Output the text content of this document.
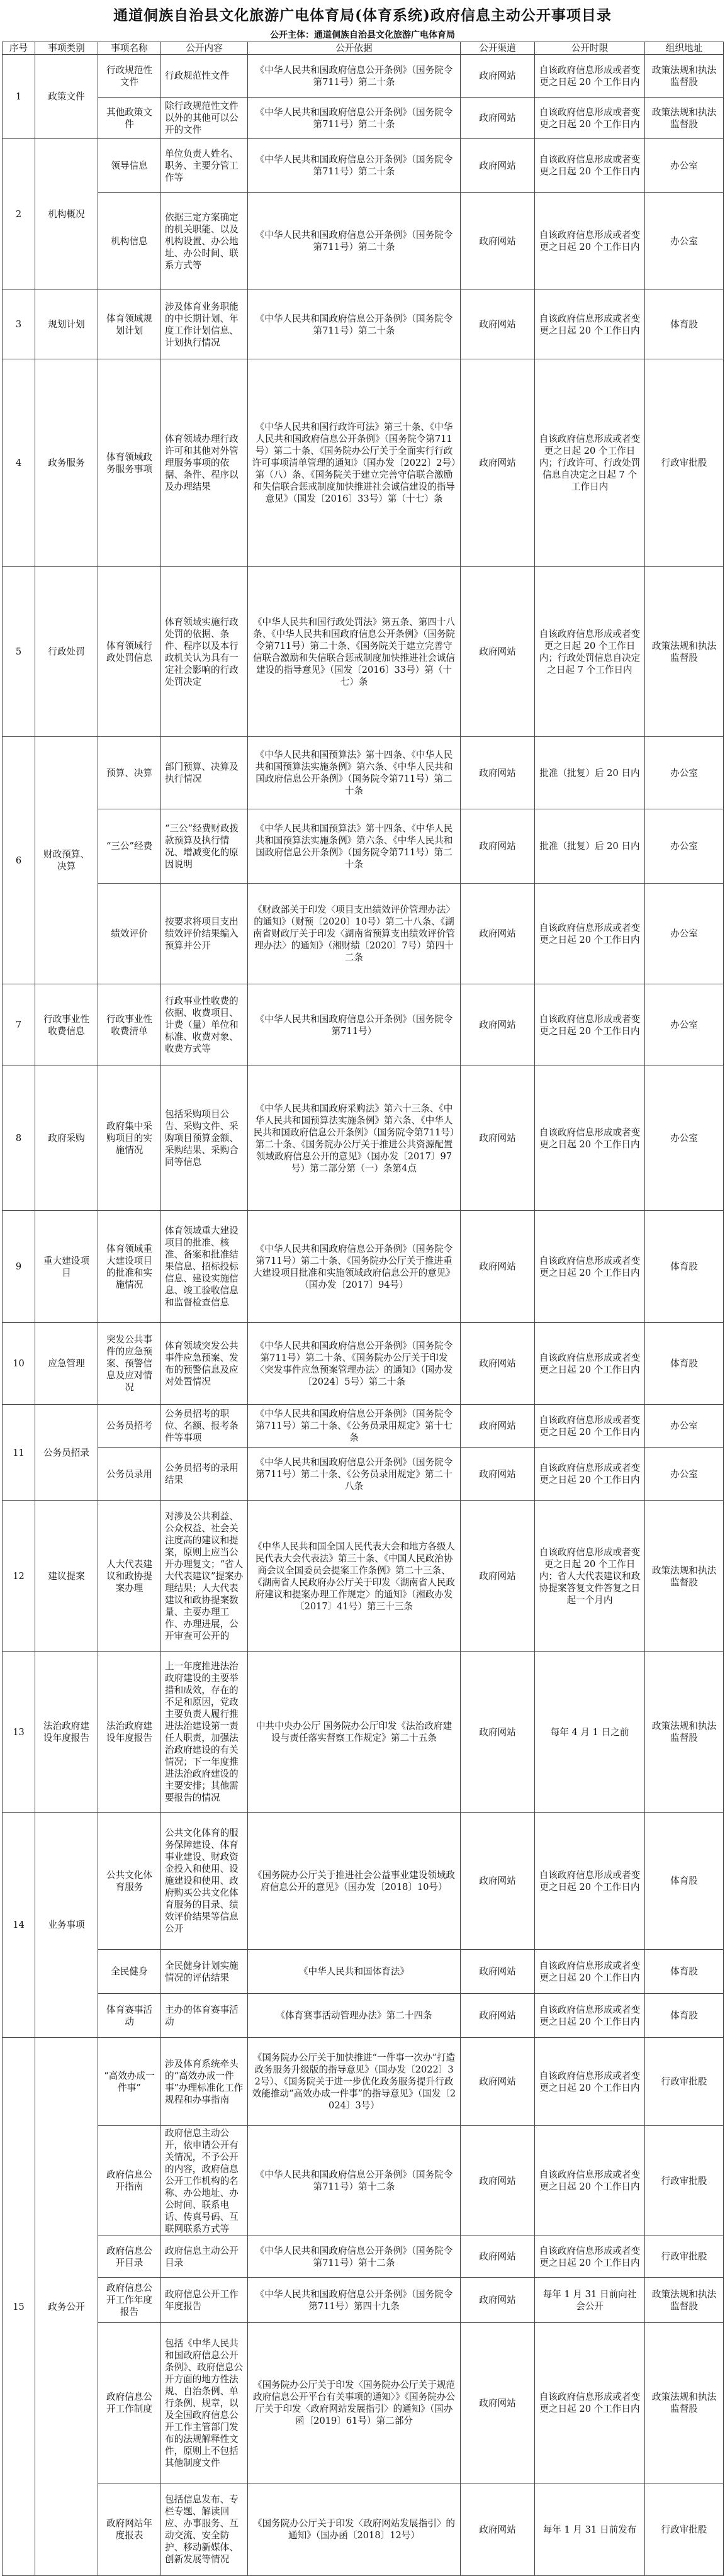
通道侗族自治县文化旅游广电体育局(体育系统)政府信息主动公开事项目录
公开主体：通道侗族自治县文化旅游广电体育局
序号	事项类别	事项名称	公开内容	公开依据	公开渠道	公开时限	组织地址
1	政策文件	行政规范性文件	行政规范性文件	《中华人民共和国政府信息公开条例》（国务院令第711号）第二十条	政府网站	自该政府信息形成或者变更之日起 20 个工作日内	政策法规和执法监督股
		其他政策文件	除行政规范性文件以外的其他可以公开的文件	《中华人民共和国政府信息公开条例》（国务院令第711号）第二十条	政府网站	自该政府信息形成或者变更之日起 20 个工作日内	政策法规和执法监督股
2	机构概况	领导信息	单位负责人姓名、职务、主要分管工作等	《中华人民共和国政府信息公开条例》（国务院令第711号）第二十条	政府网站	自该政府信息形成或者变更之日起 20 个工作日内	办公室
		机构信息	依据三定方案确定的机关职能、以及机构设置、办公地址、办公时间、联系方式等	《中华人民共和国政府信息公开条例》（国务院令第711号）第二十条	政府网站	自该政府信息形成或者变更之日起 20 个工作日内	办公室
3	规划计划	体育领域规划计划	涉及体育业务职能的中长期计划、年度工作计划信息、计划执行情况	《中华人民共和国政府信息公开条例》（国务院令第711号）第二十条	政府网站	自该政府信息形成或者变更之日起 20 个工作日内	体育股
4	政务服务	体育领域政务服务事项	体育领域办理行政许可和其他对外管理服务事项的依据、条件、程序以及办理结果	《中华人民共和国行政许可法》第三十条、《中华人民共和国政府信息公开条例》（国务院令第711号）第二十条、《国务院办公厅关于全面实行行政许可事项清单管理的通知》（国办发〔2022〕2号）第（八）条、《国务院关于建立完善守信联合激励和失信联合惩戒制度加快推进社会诚信建设的指导意见》（国发〔2016〕33号）第（十七）条	政府网站	自该政府信息形成或者变更之日起 20 个工作日内；行政许可、行政处罚信息自决定之日起 7 个工作日内	行政审批股
5	行政处罚	体育领域行政处罚信息	体育领域实施行政处罚的依据、条件、程序以及本行政机关认为具有一定社会影响的行政处罚决定	《中华人民共和国行政处罚法》第五条、第四十八条、《中华人民共和国政府信息公开条例》（国务院令第711号）第二十条、《国务院关于建立完善守信联合激励和失信联合惩戒制度加快推进社会诚信建设的指导意见》（国发〔2016〕33号）第（十七）条	政府网站	自该政府信息形成或者变更之日起 20 个工作日内；行政处罚信息自决定之日起 7 个工作日内	政策法规和执法监督股
6	财政预算、决算	预算、决算	部门预算、决算及执行情况	《中华人民共和国预算法》第十四条、《中华人民共和国预算法实施条例》第六条、《中华人民共和国政府信息公开条例》（国务院令第711号）第二十条	政府网站	批准（批复）后 20 日内	办公室
		“三公”经费	“三公”经费财政拨款预算及执行情况、增减变化的原因说明	《中华人民共和国预算法》第十四条、《中华人民共和国预算法实施条例》第六条、《中华人民共和国政府信息公开条例》（国务院令第711号）第二十条	政府网站	批准（批复）后 20 日内	办公室
		绩效评价	按要求将项目支出绩效评价结果编入预算并公开	《财政部关于印发〈项目支出绩效评价管理办法〉的通知》（财预〔2020〕10号）第二十八条、《湖南省财政厅关于印发〈湖南省预算支出绩效评价管理办法〉的通知》（湘财绩〔2020〕7号）第四十二条	政府网站	自该政府信息形成或者变更之日起 20 个工作日内	办公室
7	行政事业性收费信息	行政事业性收费清单	行政事业性收费的依据、收费项目、计费（量）单位和标准、收费对象、收费方式等	《中华人民共和国政府信息公开条例》（国务院令第711号）	政府网站	自该政府信息形成或者变更之日起 20 个工作日内	办公室
8	政府采购	政府集中采购项目的实施情况	包括采购项目公告、采购文件、采购项目预算金额、采购结果、采购合同等信息	《中华人民共和国政府采购法》第六十三条、《中华人民共和国预算法实施条例》第六条、《中华人民共和国政府信息公开条例》（国务院令第711号）第二十条、《国务院办公厅关于推进公共资源配置领域政府信息公开的意见》（国办发〔2017〕97号）第二部分第（一）条第4点	政府网站	自该政府信息形成或者变更之日起 20 个工作日内	办公室
9	重大建设项目	体育领域重大建设项目的批准和实施情况	体育领域重大建设项目的批准、核准、备案和批准结果信息、招标投标信息、建设实施信息、竣工验收信息和监督检查信息	《中华人民共和国政府信息公开条例》（国务院令第711号）第二十条、《国务院办公厅关于推进重大建设项目批准和实施领域政府信息公开的意见》（国办发〔2017〕94号）	政府网站	自该政府信息形成或者变更之日起 20 个工作日内	体育股
10	应急管理	突发公共事件的应急预案、预警信息及应对情况	体育领域突发公共事件应急预案、发布的预警信息及应对处置情况	《中华人民共和国政府信息公开条例》（国务院令第711号）第二十条、《国务院办公厅关于印发〈突发事件应急预案管理办法〉的通知》（国办发〔2024〕5号）第二十条	政府网站	自该政府信息形成或者变更之日起 20 个工作日内	体育股
11	公务员招录	公务员招考	公务员招考的职位、名额、报考条件等事项	《中华人民共和国政府信息公开条例》（国务院令第711号）第二十条、《公务员录用规定》第十七条	政府网站	自该政府信息形成或者变更之日起 20 个工作日内	办公室
		公务员录用	公务员招考的录用结果	《中华人民共和国政府信息公开条例》（国务院令第711号）第二十条、《公务员录用规定》第二十八条	政府网站	自该政府信息形成或者变更之日起 20 个工作日内	办公室
12	建议提案	人大代表建议和政协提案办理	对涉及公共利益、公众权益、社会关注度高的建议和提案，原则上应当公开办理复文；“省人大代表建议”提案办理结果；人大代表建议和政协提案数量、主要办理工作、办理进展，公开审查可公开的	《中华人民共和国全国人民代表大会和地方各级人民代表大会代表法》第三十条、《中国人民政治协商会议全国委员会提案工作条例》第二十三条、《湖南省人民政府办公厅关于印发〈湖南省人民政府建议和提案办理工作规定〉的通知》（湘政办发〔2017〕41号）第三十三条	政府网站	自该政府信息形成或者变更之日起 20 个工作日内；省人大代表建议和政协提案答复文件答复之日起一个月内	政策法规和执法监督股
13	法治政府建设年度报告	法治政府建设年度报告	上一年度推进法治政府建设的主要举措和成效，存在的不足和原因，党政主要负责人履行推进法治建设第一责任人职责，加强法治政府建设的有关情况；下一年度推进法治政府建设的主要安排；其他需要报告的情况	中共中央办公厅 国务院办公厅印发《法治政府建设与责任落实督察工作规定》第二十五条	政府网站	每年 4 月 1 日之前	政策法规和执法监督股
14	业务事项	公共文化体育服务	公共文化体育的服务保障建设、体育事业建设、财政资金投入和使用、设施建设和使用、政府购买公共文化体育服务的目录、绩效评价结果等信息公开	《国务院办公厅关于推进社会公益事业建设领域政府信息公开的意见》（国办发〔2018〕10号）	政府网站	自该政府信息形成或者变更之日起 20 个工作日内	体育股
		全民健身	全民健身计划实施情况的评估结果	《中华人民共和国体育法》	政府网站	自该政府信息形成或者变更之日起 20 个工作日内	体育股
		体育赛事活动	主办的体育赛事活动	《体育赛事活动管理办法》第二十四条	政府网站	自该政府信息形成或者变更之日起 20 个工作日内	体育股
15	政务公开	“高效办成一件事”	涉及体育系统牵头的“高效办成一件事”办理标准化工作规程和办事指南	《国务院办公厅关于加快推进“一件事一次办”打造政务服务升级版的指导意见》（国办发〔2022〕32号）、《国务院关于进一步优化政务服务提升行政效能推动“高效办成一件事”的指导意见》（国发〔2024〕3号）	政府网站	自该政府信息形成或者变更之日起 20 个工作日内	行政审批股
		政府信息公开指南	政府信息主动公开，依申请公开有关情况，不予公开的内容，政府信息公开工作机构的名称、办公地址、办公时间、联系电话、传真号码、互联网联系方式等	《中华人民共和国政府信息公开条例》（国务院令第711号）第十二条	政府网站	自该政府信息形成或者变更之日起 20 个工作日内	行政审批股
		政府信息公开目录	政府信息主动公开目录	《中华人民共和国政府信息公开条例》（国务院令第711号）第十二条	政府网站	自该政府信息形成或者变更之日起 20 个工作日内	行政审批股
		政府信息公开工作年度报告	政府信息公开工作年度报告	《中华人民共和国政府信息公开条例》（国务院令第711号）第四十九条	政府网站	每年 1 月 31 日前向社会公开	政策法规和执法监督股
		政府信息公开工作制度	包括《中华人民共和国政府信息公开条例》、政府信息公开方面的地方性法规、自治条例、单行条例、规章，以及全国政府信息公开工作主管部门发布的法规解释性文件，原则上不包括其他制度文件	《国务院办公厅关于印发〈国务院办公厅关于规范政府信息公开平台有关事项的通知〉》《国务院办公厅关于印发〈政府网站发展指引〉的通知》（国办函〔2019〕61号）第二部分	政府网站	自该政府信息形成或者变更之日起 20 个工作日内	政策法规和执法监督股
		政府网站年度报表	包括信息发布、专栏专题、解读回应、办事服务、互动交流、安全防护、移动新媒体、创新发展等情况	《国务院办公厅关于印发〈政府网站发展指引〉的通知》（国办函〔2018〕12号）	政府网站	每年 1 月 31 日前发布	行政审批股
